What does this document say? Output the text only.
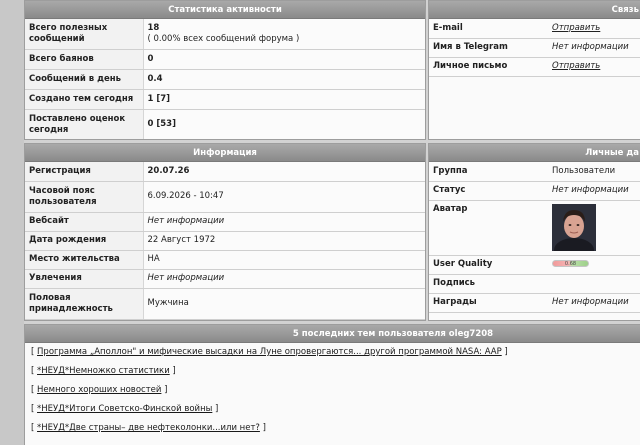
Статистика активности
Всего полезных сообщений	18
( 0.00% всех сообщений форума )

Всего баянов	0
Сообщений в день	0.4
Создано тем сегодня	1 [7]
Поставлено оценок сегодня	0 [53]
Связь
E-mail	Отправить
Имя в Telegram	Нет информации
Личное письмо	Отправить
Информация
Регистрация	20.07.26
Часовой пояс пользователя	6.09.2026 - 10:47
Вебсайт	Нет информации
Дата рождения	22 Август 1972
Место жительства	НА
Увлечения	Нет информации
Половая принадлежность	Мужчина
Личные да
Группа	Пользователи
Статус	Нет информации
Аватар	

User Quality	0.68

Подпись	
Награды	Нет информации
5 последних тем пользователя oleg7208
[ Программа „Аполлон" и мифические высадки на Луне опровергаются... другой программой NASA: AAP ]
[ *НЕУД*Немножко статистики ]
[ Немного хороших новостей ]
[ *НЕУД*Итоги Советско-Финской войны ]
[ *НЕУД*Две страны– две нефтеколонки...или нет? ]
